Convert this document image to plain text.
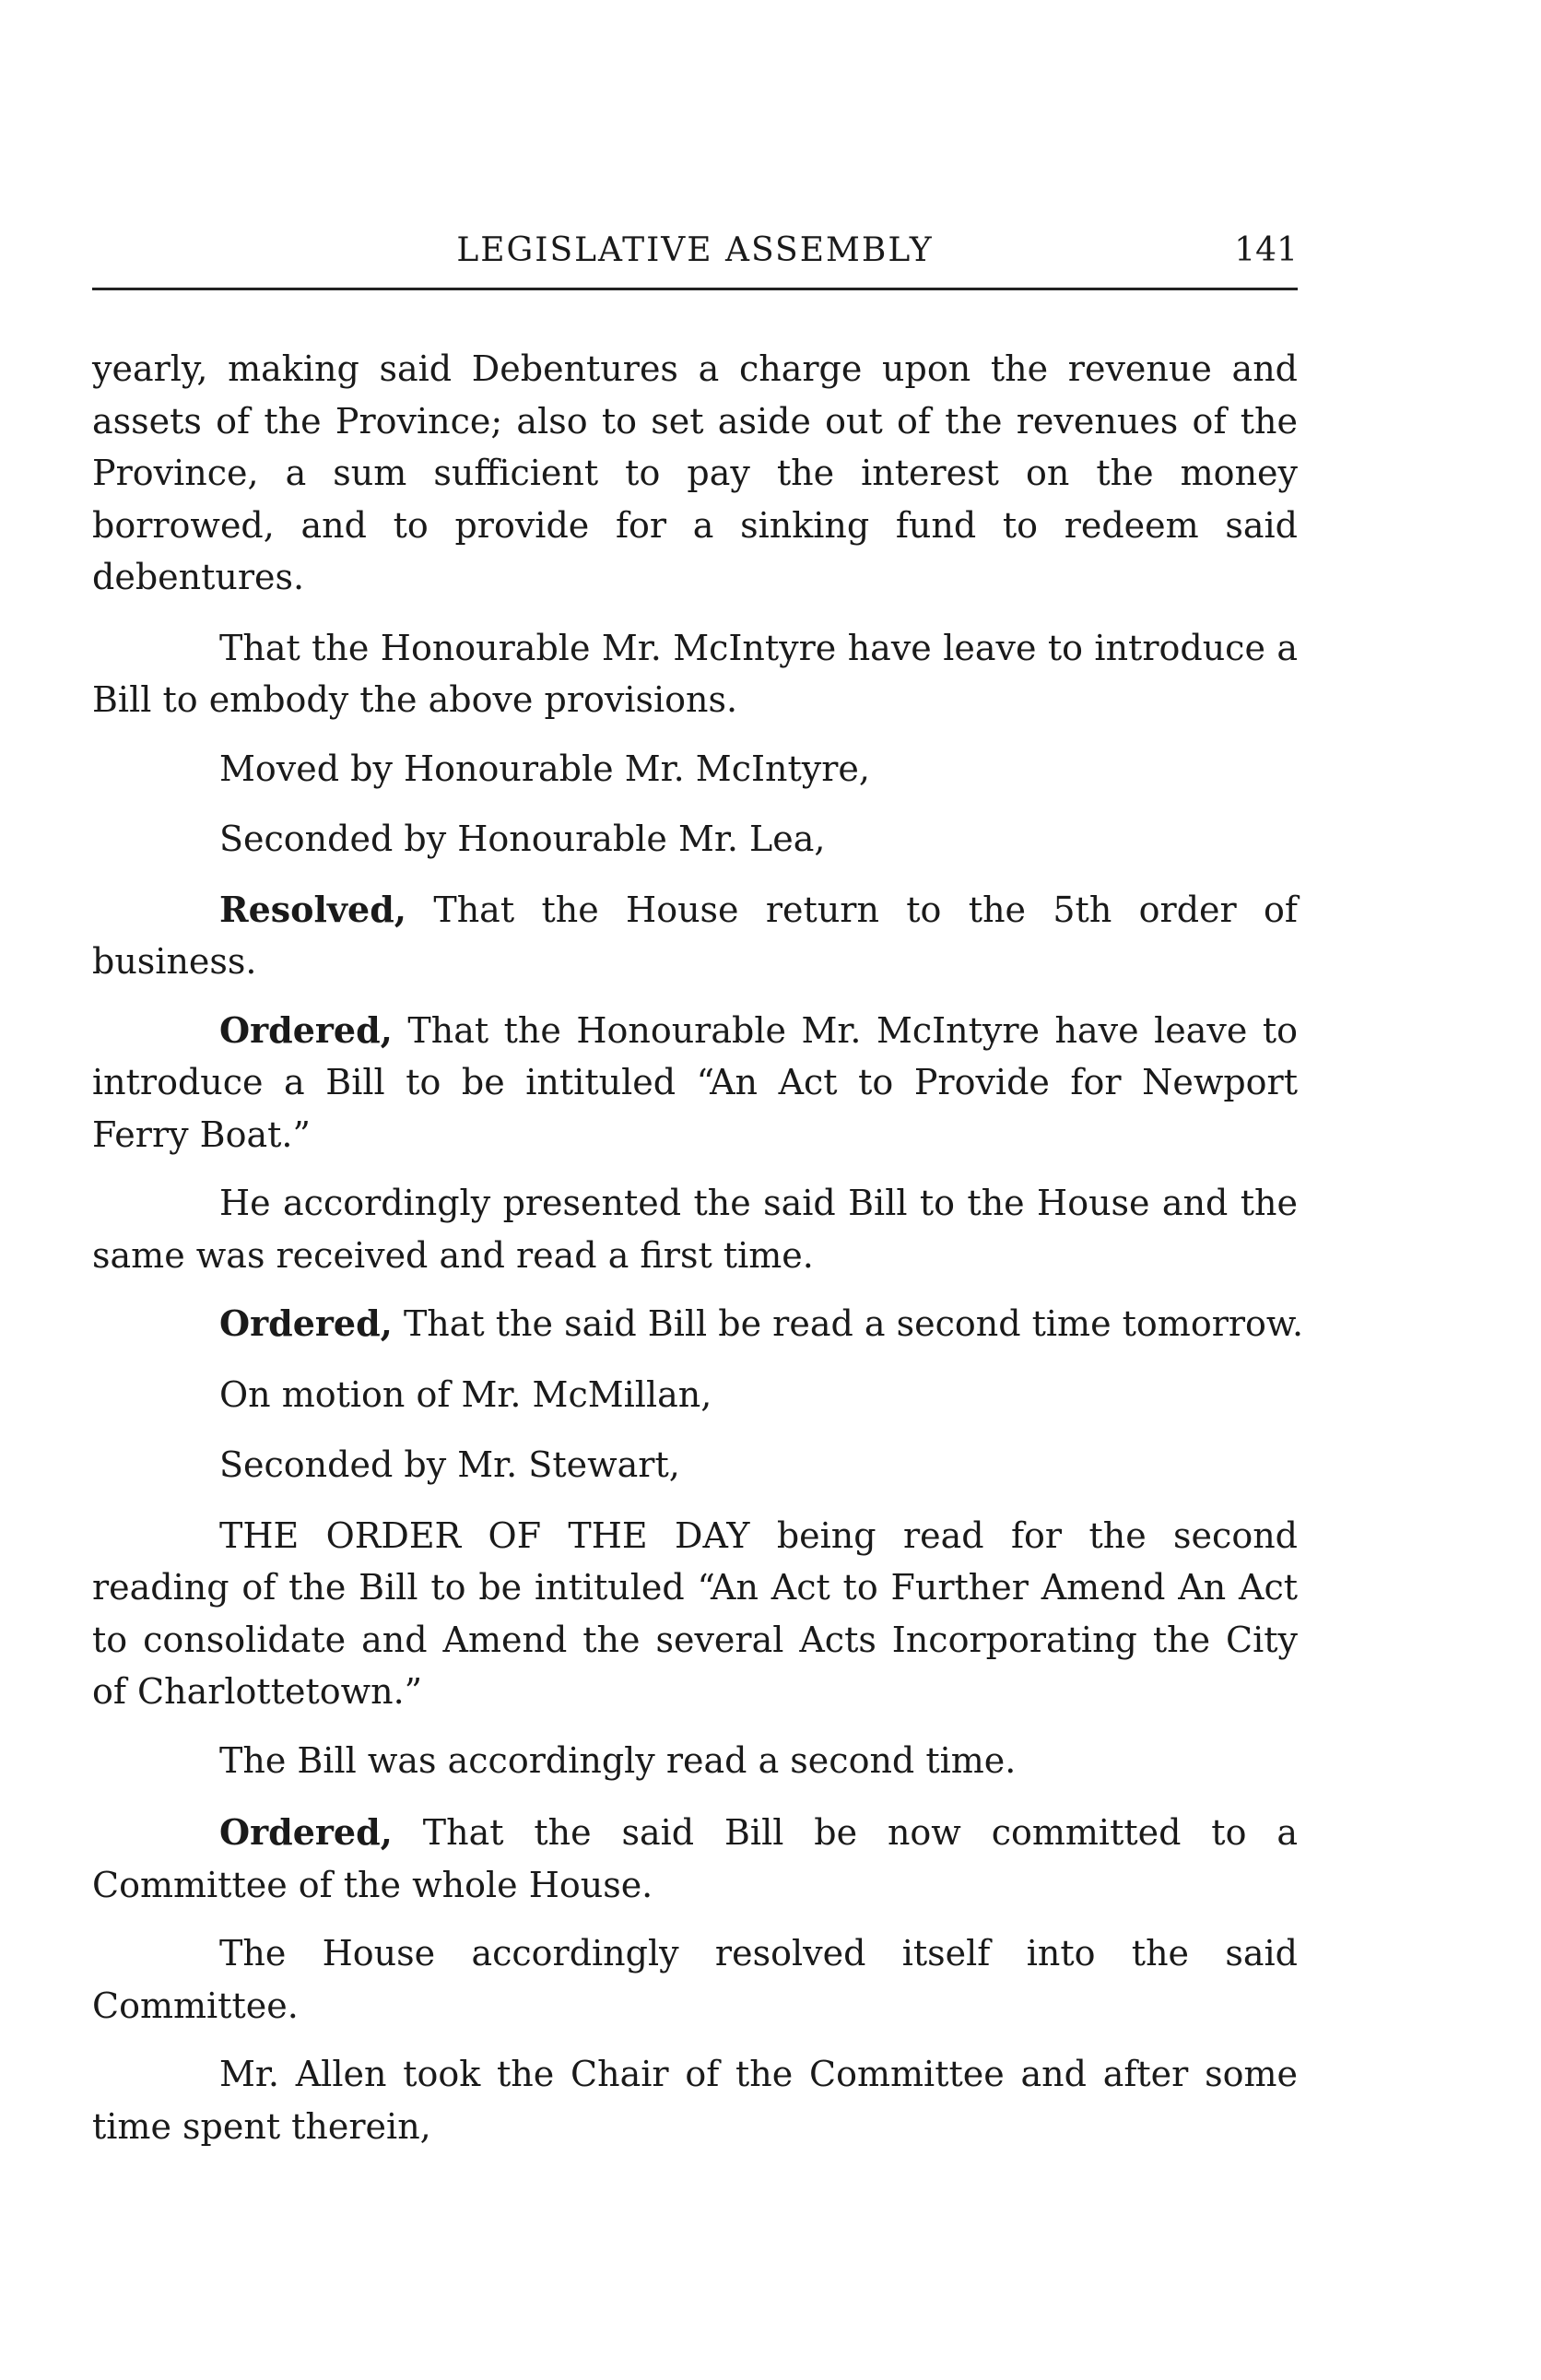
LEGISLATIVE ASSEMBLY	141

yearly, making said Debentures a charge upon the revenue and assets of the Province; also to set aside out of the revenues of the Province, a sum sufficient to pay the interest on the money borrowed, and to provide for a sinking fund to redeem said debentures.

That the Honourable Mr. McIntyre have leave to introduce a Bill to embody the above provisions.

Moved by Honourable Mr. McIntyre,

Seconded by Honourable Mr. Lea,

Resolved, That the House return to the 5th order of business.

Ordered, That the Honourable Mr. McIntyre have leave to introduce a Bill to be intituled “An Act to Provide for Newport Ferry Boat.”

He accordingly presented the said Bill to the House and the same was received and read a first time.

Ordered, That the said Bill be read a second time tomorrow.

On motion of Mr. McMillan,

Seconded by Mr. Stewart,

THE ORDER OF THE DAY being read for the second reading of the Bill to be intituled “An Act to Further Amend An Act to consolidate and Amend the several Acts Incorporating the City of Charlottetown.”

The Bill was accordingly read a second time.

Ordered, That the said Bill be now committed to a Committee of the whole House.

The House accordingly resolved itself into the said Committee.

Mr. Allen took the Chair of the Committee and after some time spent therein,
